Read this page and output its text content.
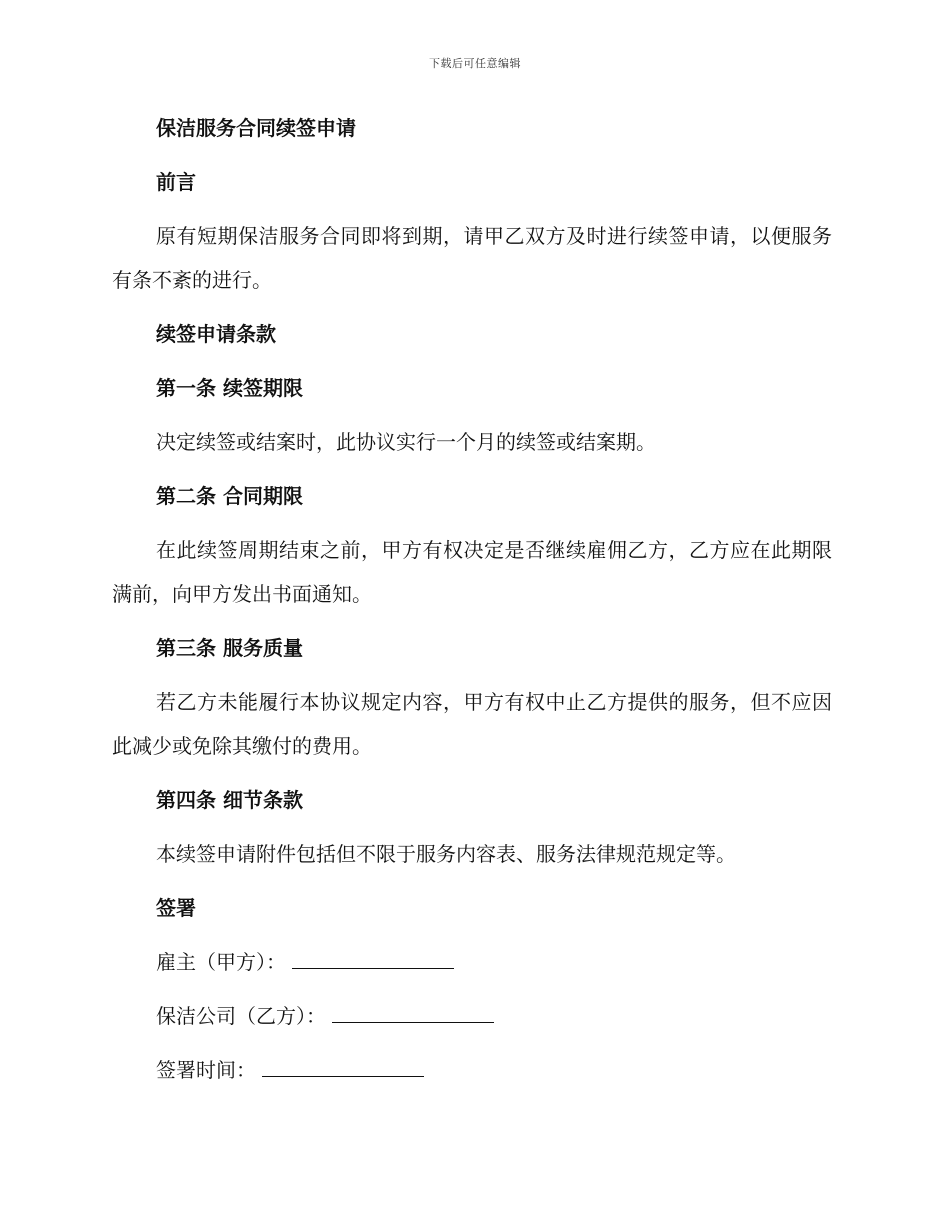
下载后可任意编辑

保洁服务合同续签申请

前言

原有短期保洁服务合同即将到期，请甲乙双方及时进行续签申请，以便服务有条不紊的进行。

续签申请条款

第一条 续签期限

决定续签或结案时，此协议实行一个月的续签或结案期。

第二条 合同期限

在此续签周期结束之前，甲方有权决定是否继续雇佣乙方，乙方应在此期限满前，向甲方发出书面通知。

第三条 服务质量

若乙方未能履行本协议规定内容，甲方有权中止乙方提供的服务，但不应因此减少或免除其缴付的费用。

第四条 细节条款

本续签申请附件包括但不限于服务内容表、服务法律规范规定等。

签署

雇主（甲方）：

保洁公司（乙方）：

签署时间：
